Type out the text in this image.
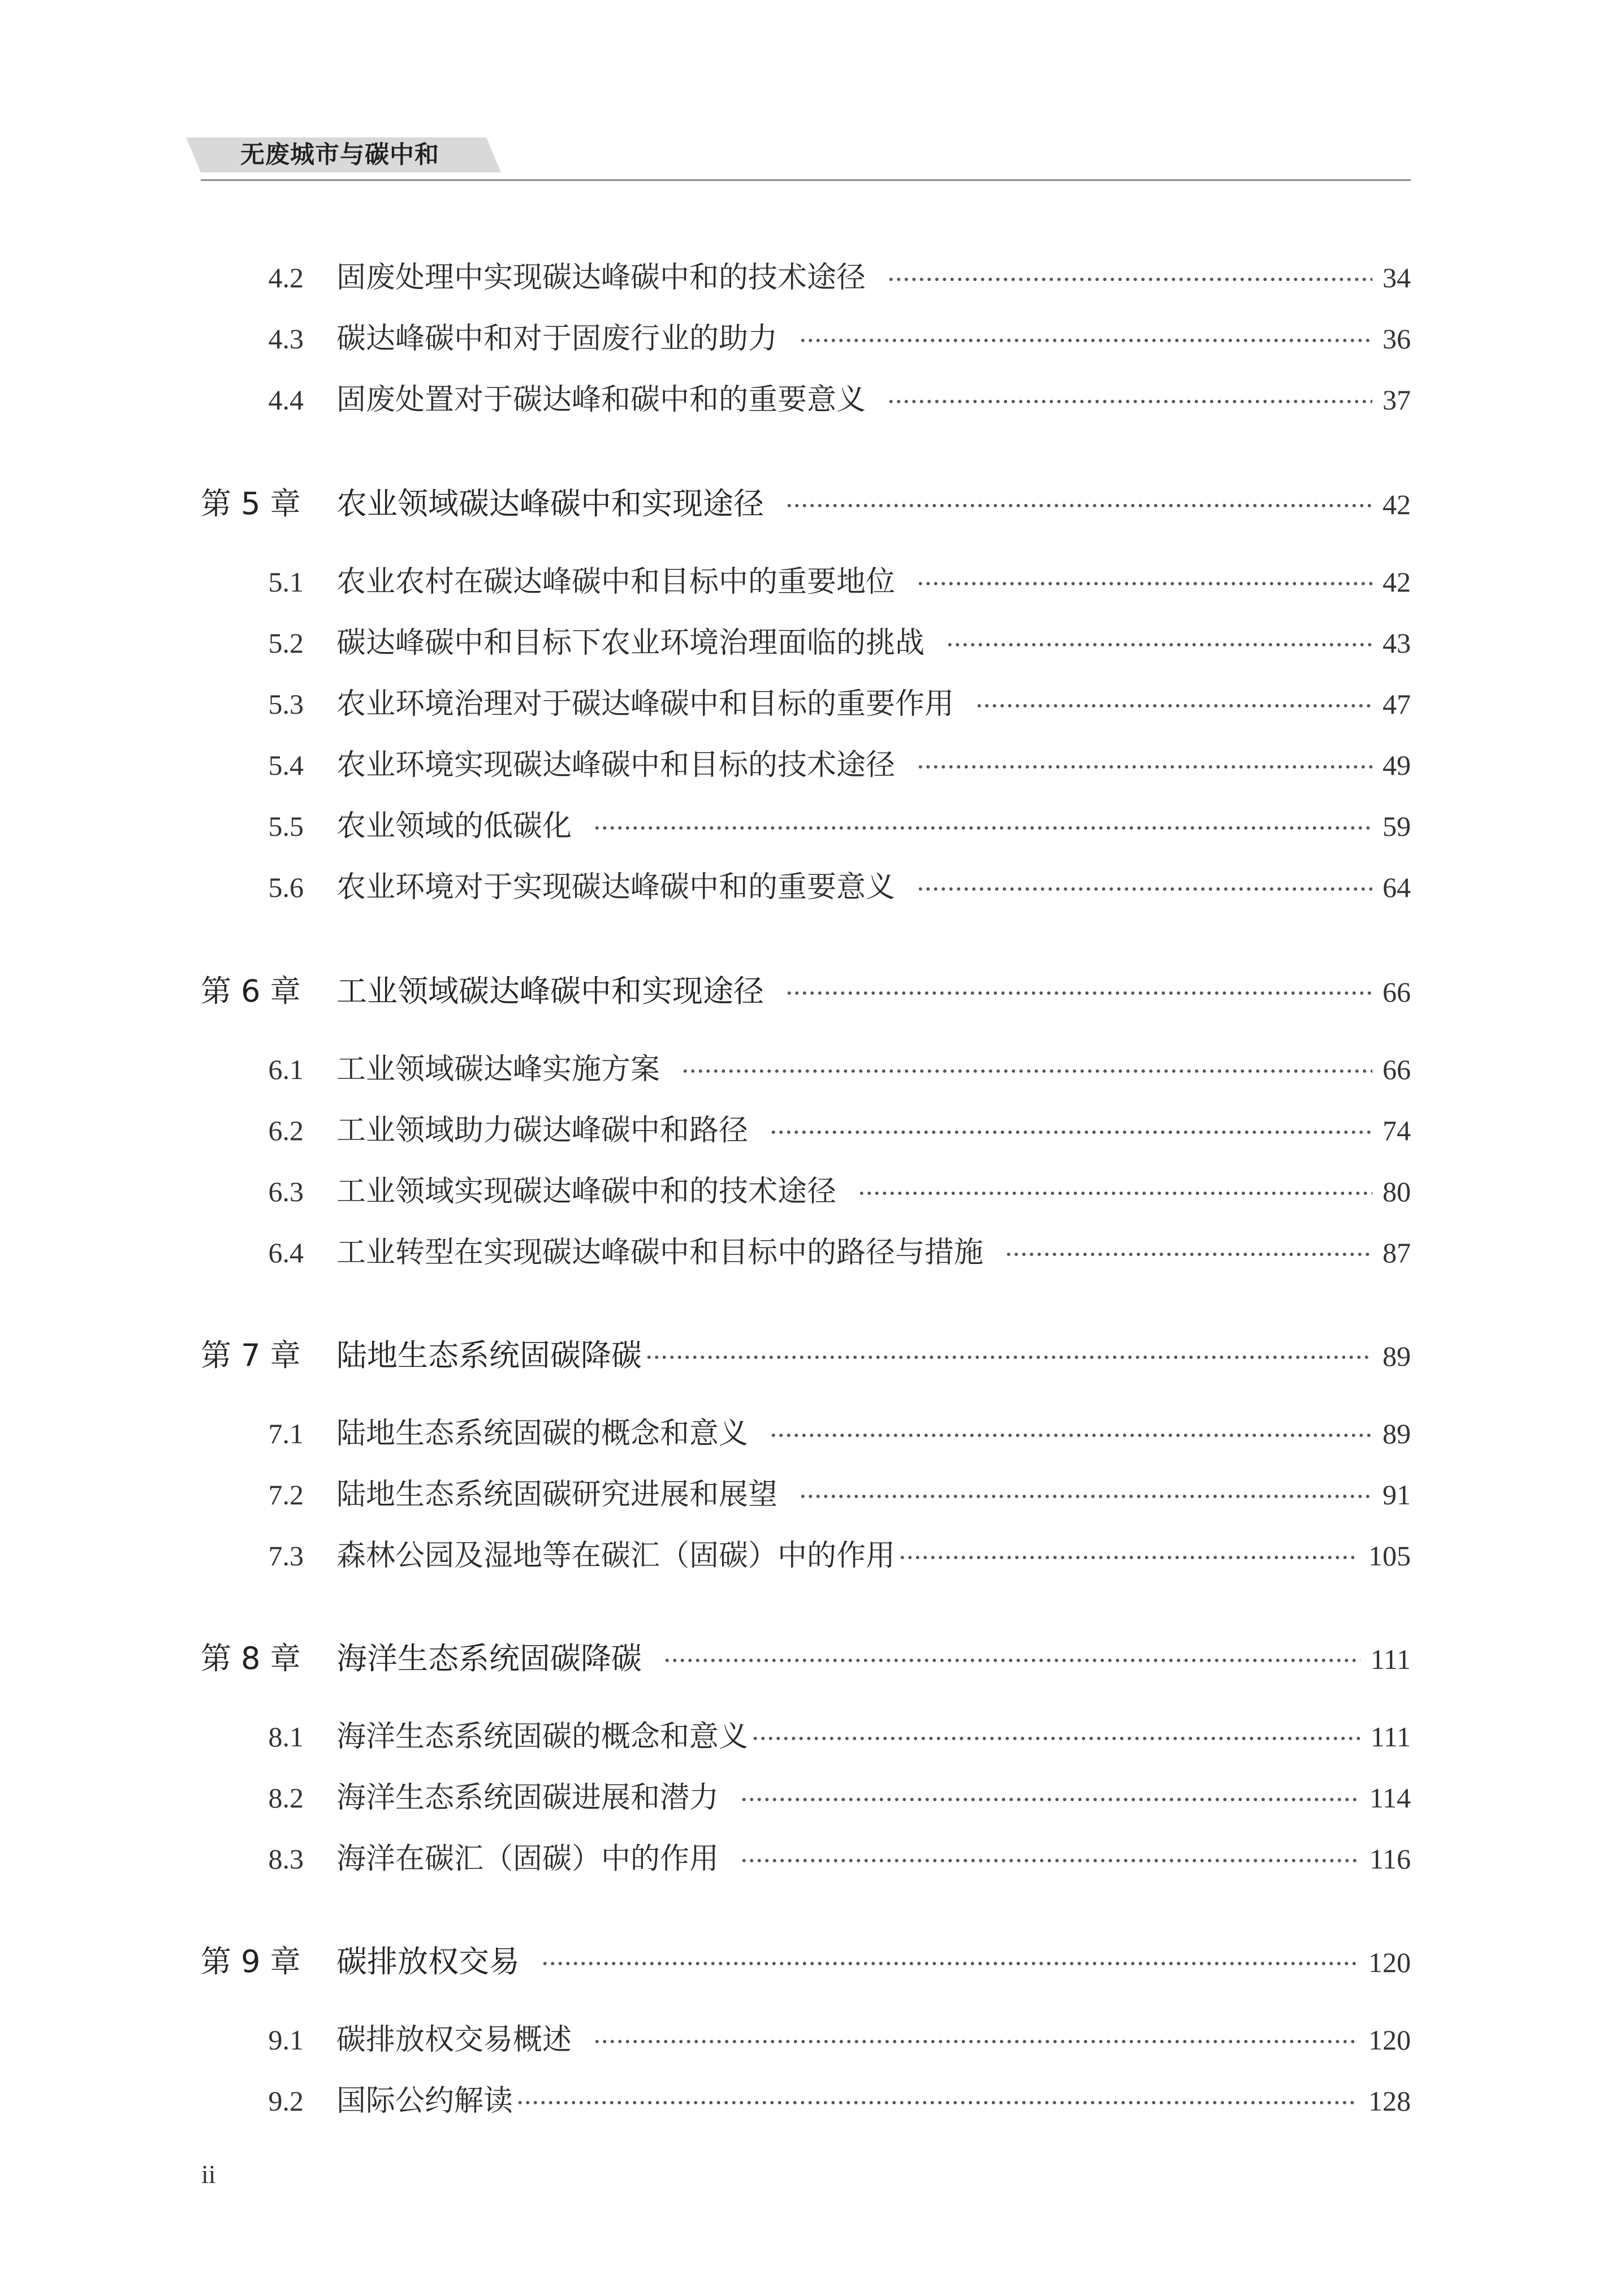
无废城市与碳中和
4.2	固废处理中实现碳达峰碳中和的技术途径	34
4.3	碳达峰碳中和对于固废行业的助力	36
4.4	固废处置对于碳达峰和碳中和的重要意义	37
第 5 章	农业领域碳达峰碳中和实现途径	42
5.1	农业农村在碳达峰碳中和目标中的重要地位	42
5.2	碳达峰碳中和目标下农业环境治理面临的挑战	43
5.3	农业环境治理对于碳达峰碳中和目标的重要作用	47
5.4	农业环境实现碳达峰碳中和目标的技术途径	49
5.5	农业领域的低碳化	59
5.6	农业环境对于实现碳达峰碳中和的重要意义	64
第 6 章	工业领域碳达峰碳中和实现途径	66
6.1	工业领域碳达峰实施方案	66
6.2	工业领域助力碳达峰碳中和路径	74
6.3	工业领域实现碳达峰碳中和的技术途径	80
6.4	工业转型在实现碳达峰碳中和目标中的路径与措施	87
第 7 章	陆地生态系统固碳降碳	89
7.1	陆地生态系统固碳的概念和意义	89
7.2	陆地生态系统固碳研究进展和展望	91
7.3	森林公园及湿地等在碳汇（固碳）中的作用	105
第 8 章	海洋生态系统固碳降碳	111
8.1	海洋生态系统固碳的概念和意义	111
8.2	海洋生态系统固碳进展和潜力	114
8.3	海洋在碳汇（固碳）中的作用	116
第 9 章	碳排放权交易	120
9.1	碳排放权交易概述	120
9.2	国际公约解读	128
ii
